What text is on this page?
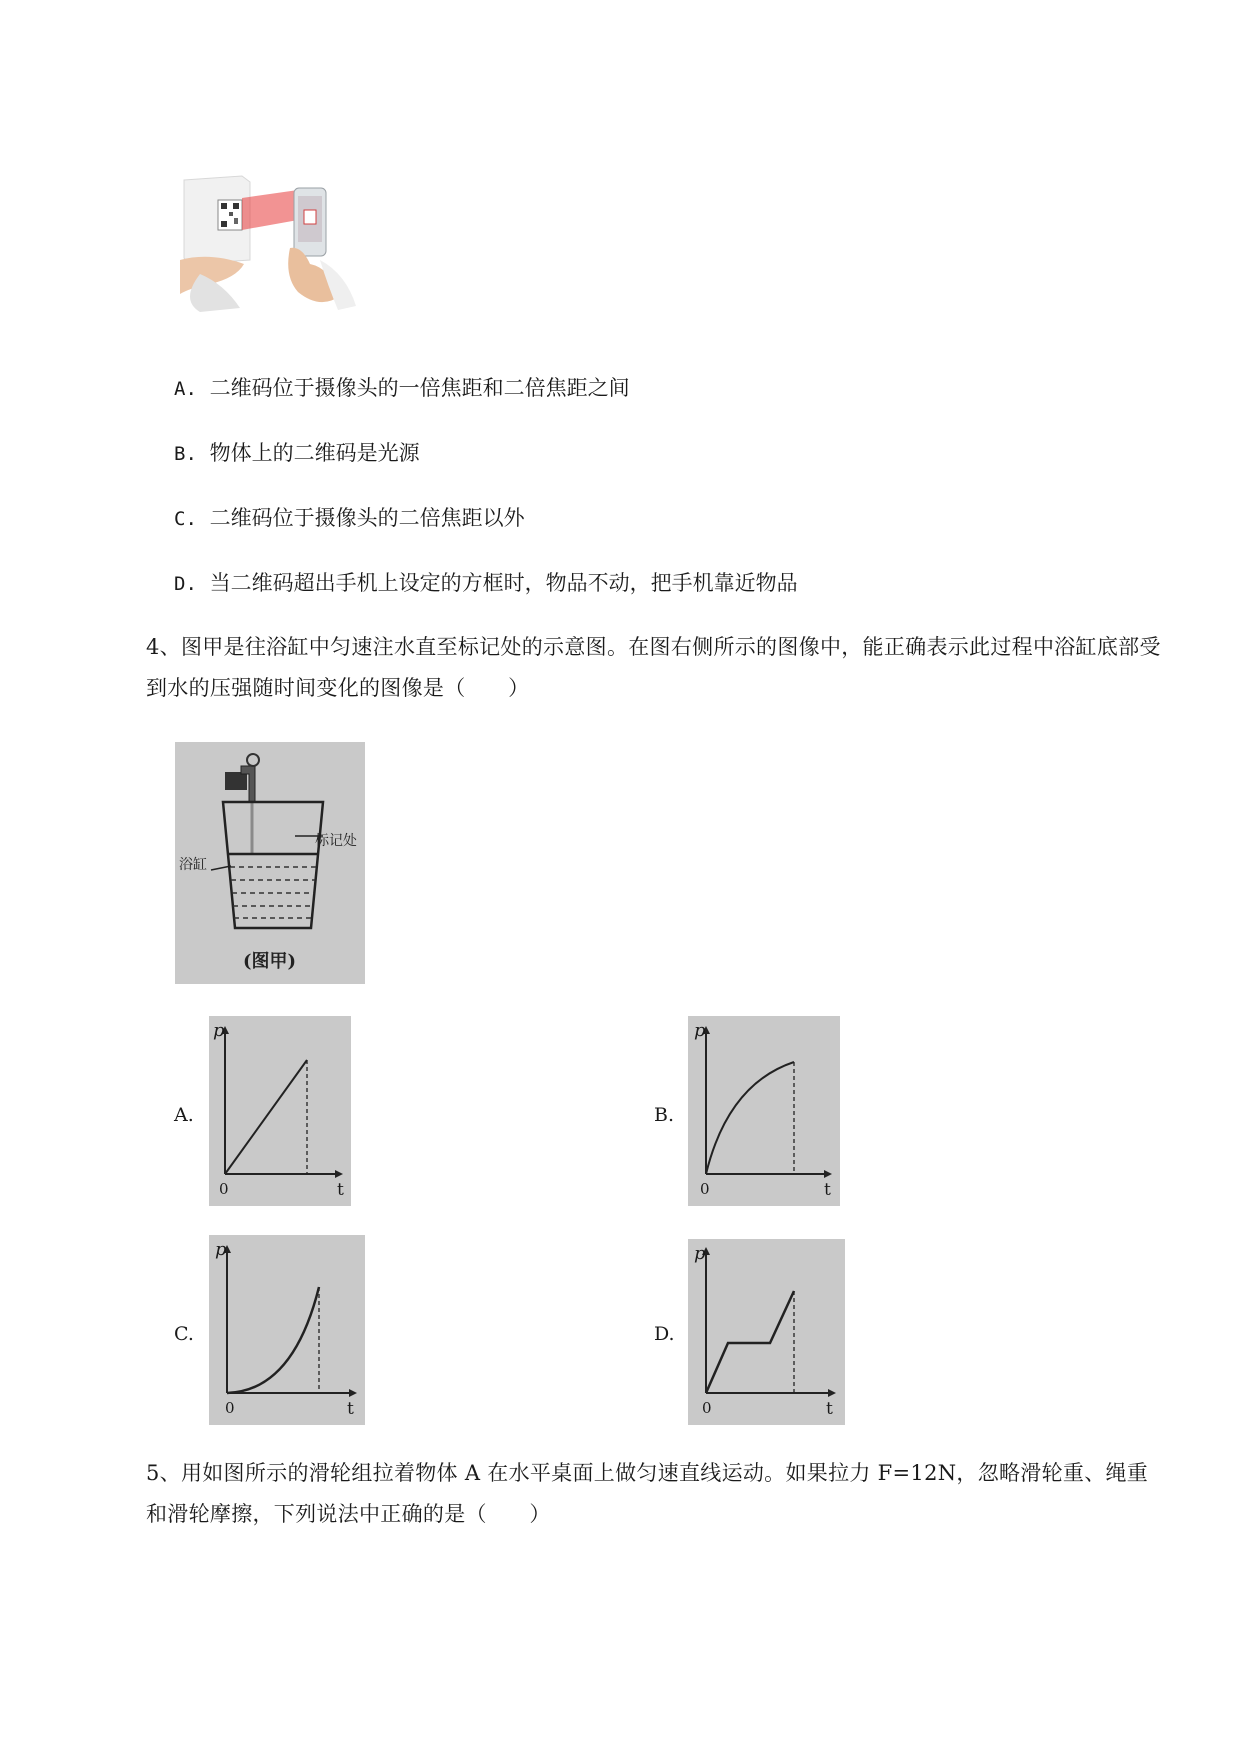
A. 二维码位于摄像头的一倍焦距和二倍焦距之间
B. 物体上的二维码是光源
C. 二维码位于摄像头的二倍焦距以外
D. 当二维码超出手机上设定的方框时，物品不动，把手机靠近物品
4、图甲是往浴缸中匀速注水直至标记处的示意图。在图右侧所示的图像中，能正确表示此过程中浴缸底部受到水的压强随时间变化的图像是（　　）
标记处
浴缸
(图甲)
A.
p
0	t
B.
p
0	t
C.
p
0	t
D.
p
0	t
5、用如图所示的滑轮组拉着物体 A 在水平桌面上做匀速直线运动。如果拉力 F=12N，忽略滑轮重、绳重和滑轮摩擦，下列说法中正确的是（　　）
